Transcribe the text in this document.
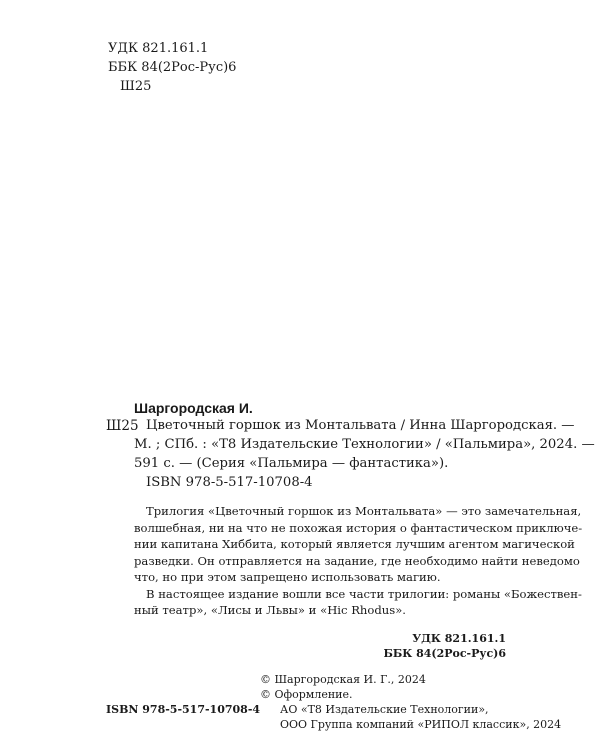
УДК 821.161.1
ББК 84(2Рос-Рус)6
Ш25
Шаргородская И.
Ш25 Цветочный горшок из Монтальвата / Инна Шаргородская. —
М. ; СПб. : «Т8 Издательские Технологии» / «Пальмира», 2024. —
591 с. — (Серия «Пальмира — фантастика»).
ISBN 978-5-517-10708-4
Трилогия «Цветочный горшок из Монтальвата» — это замечательная,
волшебная, ни на что не похожая история о фантастическом приключе-
нии капитана Хиббита, который является лучшим агентом магической
разведки. Он отправляется на задание, где необходимо найти неведомо
что, но при этом запрещено использовать магию.
В настоящее издание вошли все части трилогии: романы «Божествен-
ный театр», «Лисы и Львы» и «Hic Rhodus».
УДК 821.161.1
ББК 84(2Рос-Рус)6
© Шаргородская И. Г., 2024
© Оформление.
АО «Т8 Издательские Технологии»,
ООО Группа компаний «РИПОЛ классик», 2024
ISBN 978-5-517-10708-4
